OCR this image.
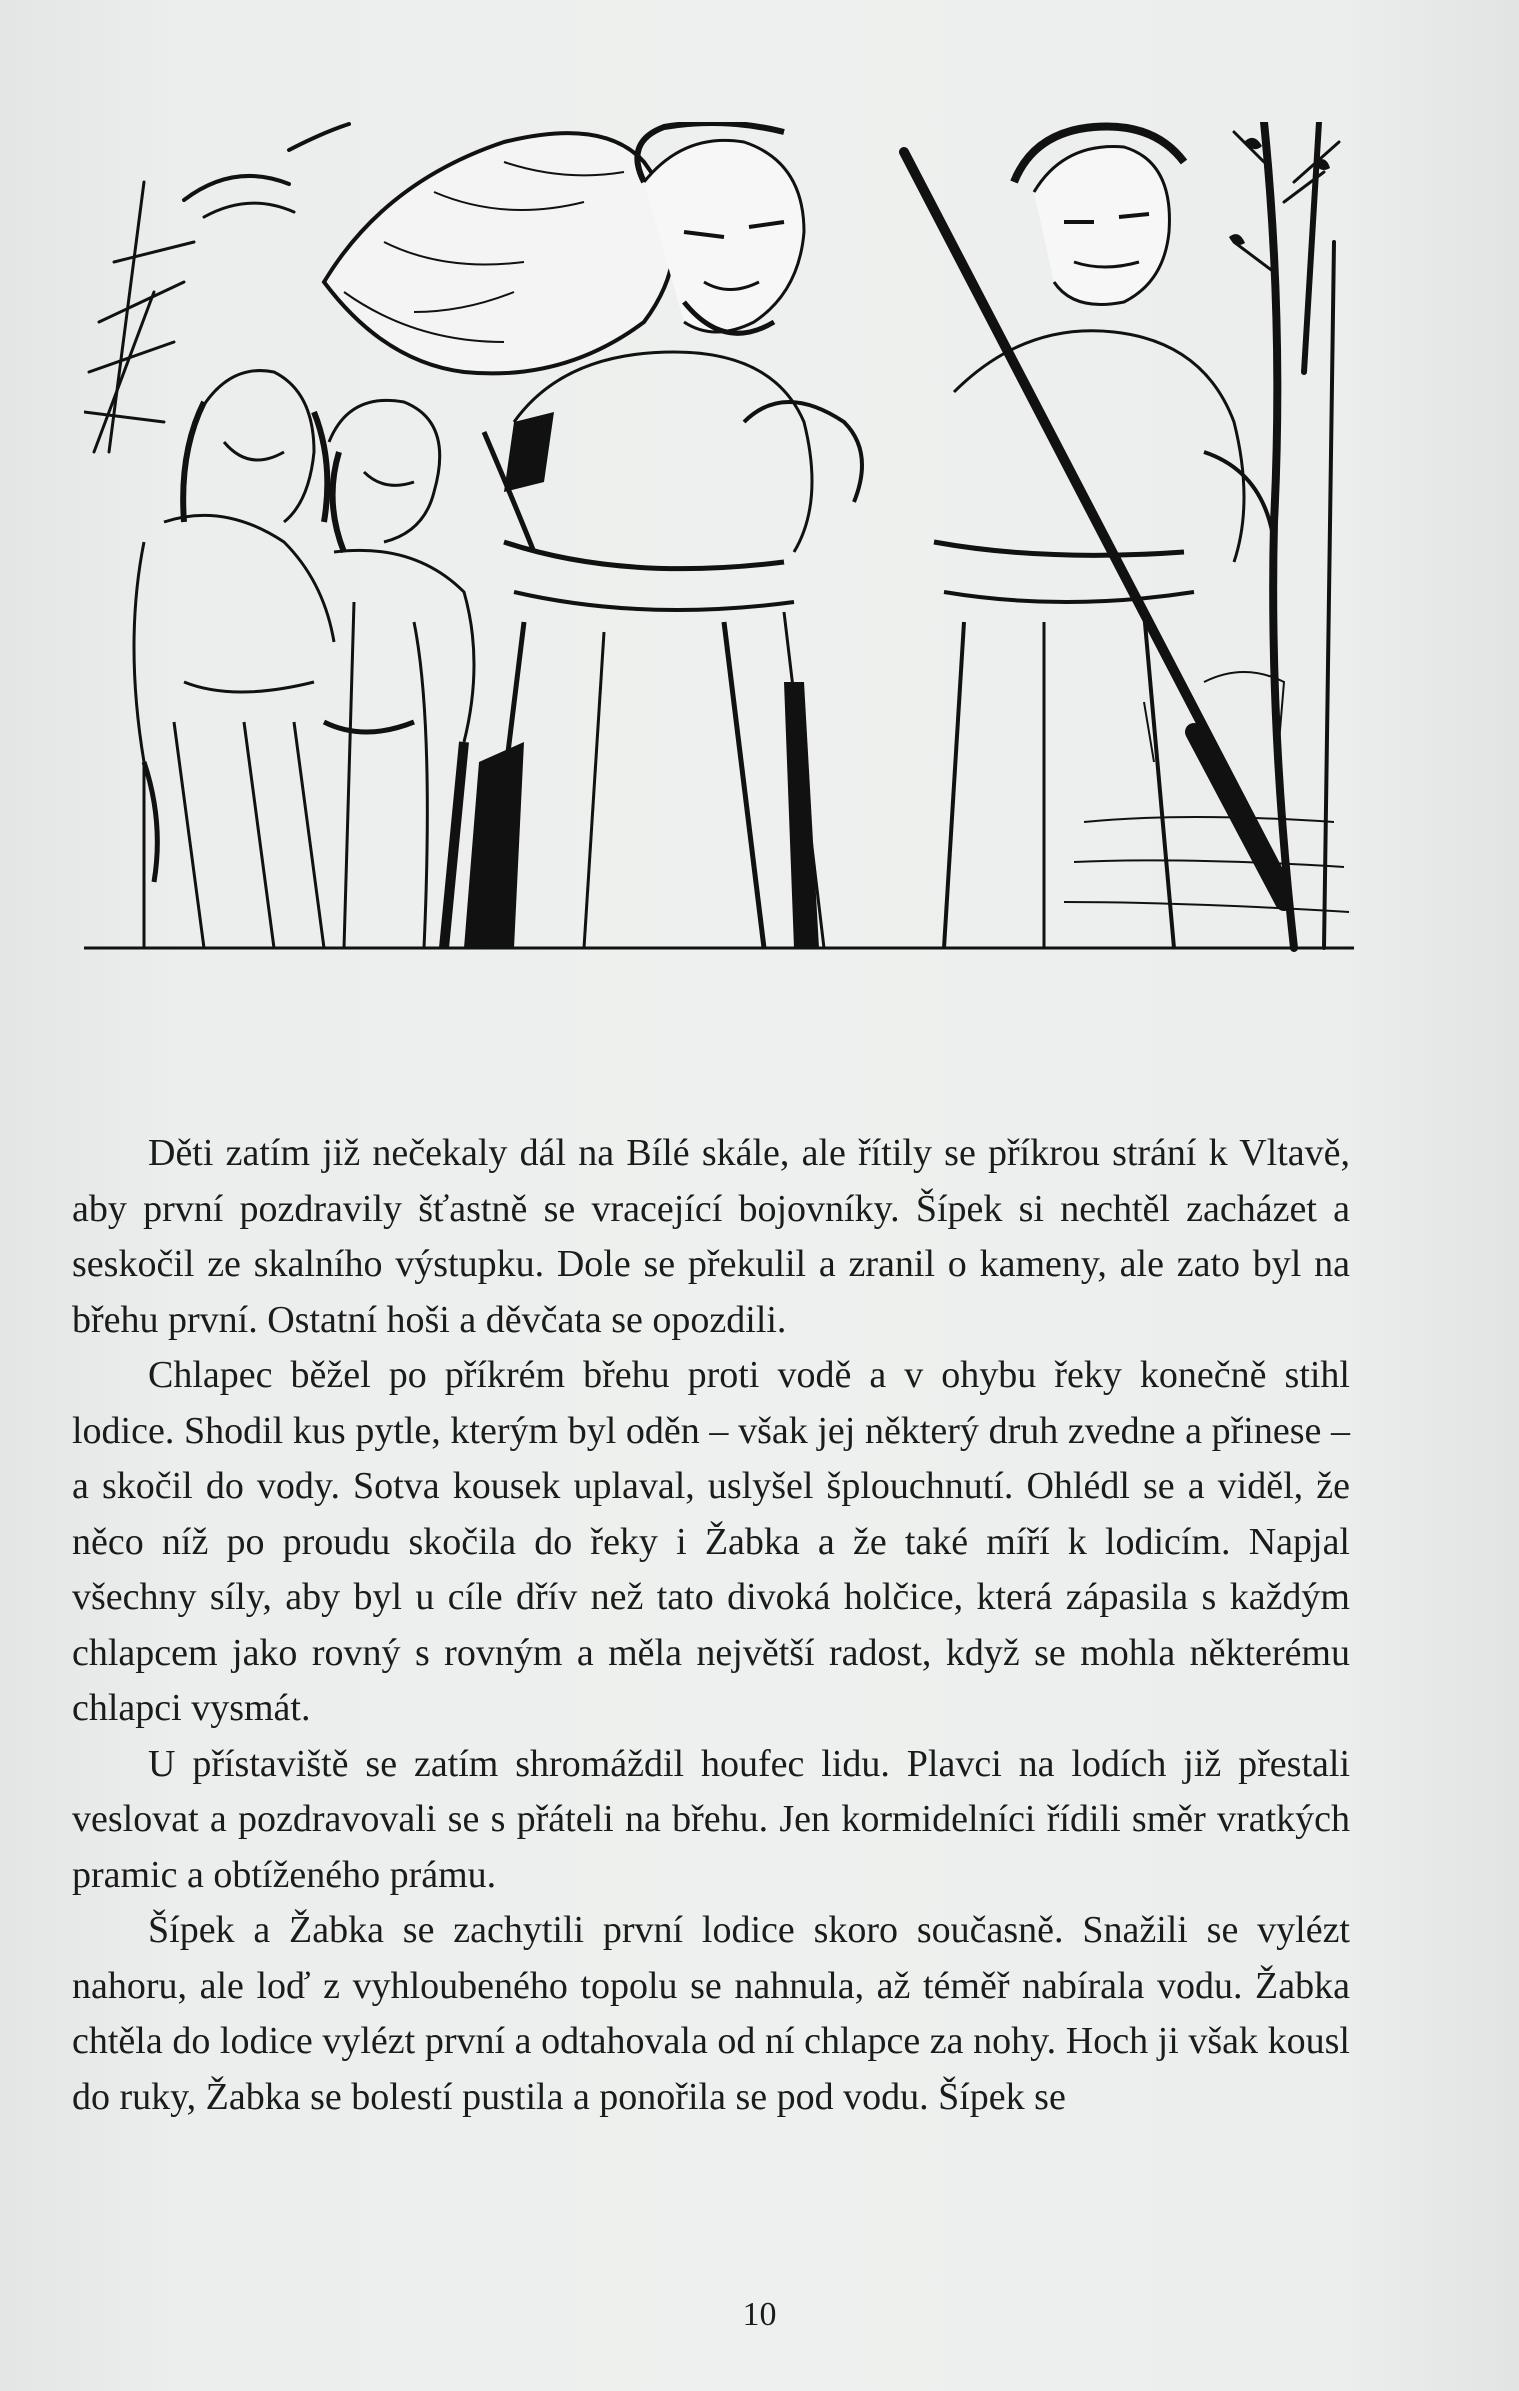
Děti zatím již nečekaly dál na Bílé skále, ale řítily se příkrou strání k Vltavě, aby první pozdravily šťastně se vracející bojovníky. Šípek si nechtěl zacházet a seskočil ze skalního výstupku. Dole se překulil a zranil o kameny, ale zato byl na břehu první. Ostatní hoši a děvčata se opozdili.

Chlapec běžel po příkrém břehu proti vodě a v ohybu řeky konečně stihl lodice. Shodil kus pytle, kterým byl oděn – však jej některý druh zvedne a přinese – a skočil do vody. Sotva kousek uplaval, uslyšel šplouchnutí. Ohlédl se a viděl, že něco níž po proudu skočila do řeky i Žabka a že také míří k lodicím. Napjal všechny síly, aby byl u cíle dřív než tato divoká holčice, která zápasila s každým chlapcem jako rovný s rovným a měla největší radost, když se mohla některému chlapci vysmát.

U přístaviště se zatím shromáždil houfec lidu. Plavci na lodích již přestali veslovat a pozdravovali se s přáteli na břehu. Jen kormidelníci řídili směr vratkých pramic a obtíženého prámu.

Šípek a Žabka se zachytili první lodice skoro současně. Snažili se vylézt nahoru, ale loď z vyhloubeného topolu se nahnula, až téměř nabírala vodu. Žabka chtěla do lodice vylézt první a odtahovala od ní chlapce za nohy. Hoch ji však kousl do ruky, Žabka se bolestí pustila a ponořila se pod vodu. Šípek se

10
